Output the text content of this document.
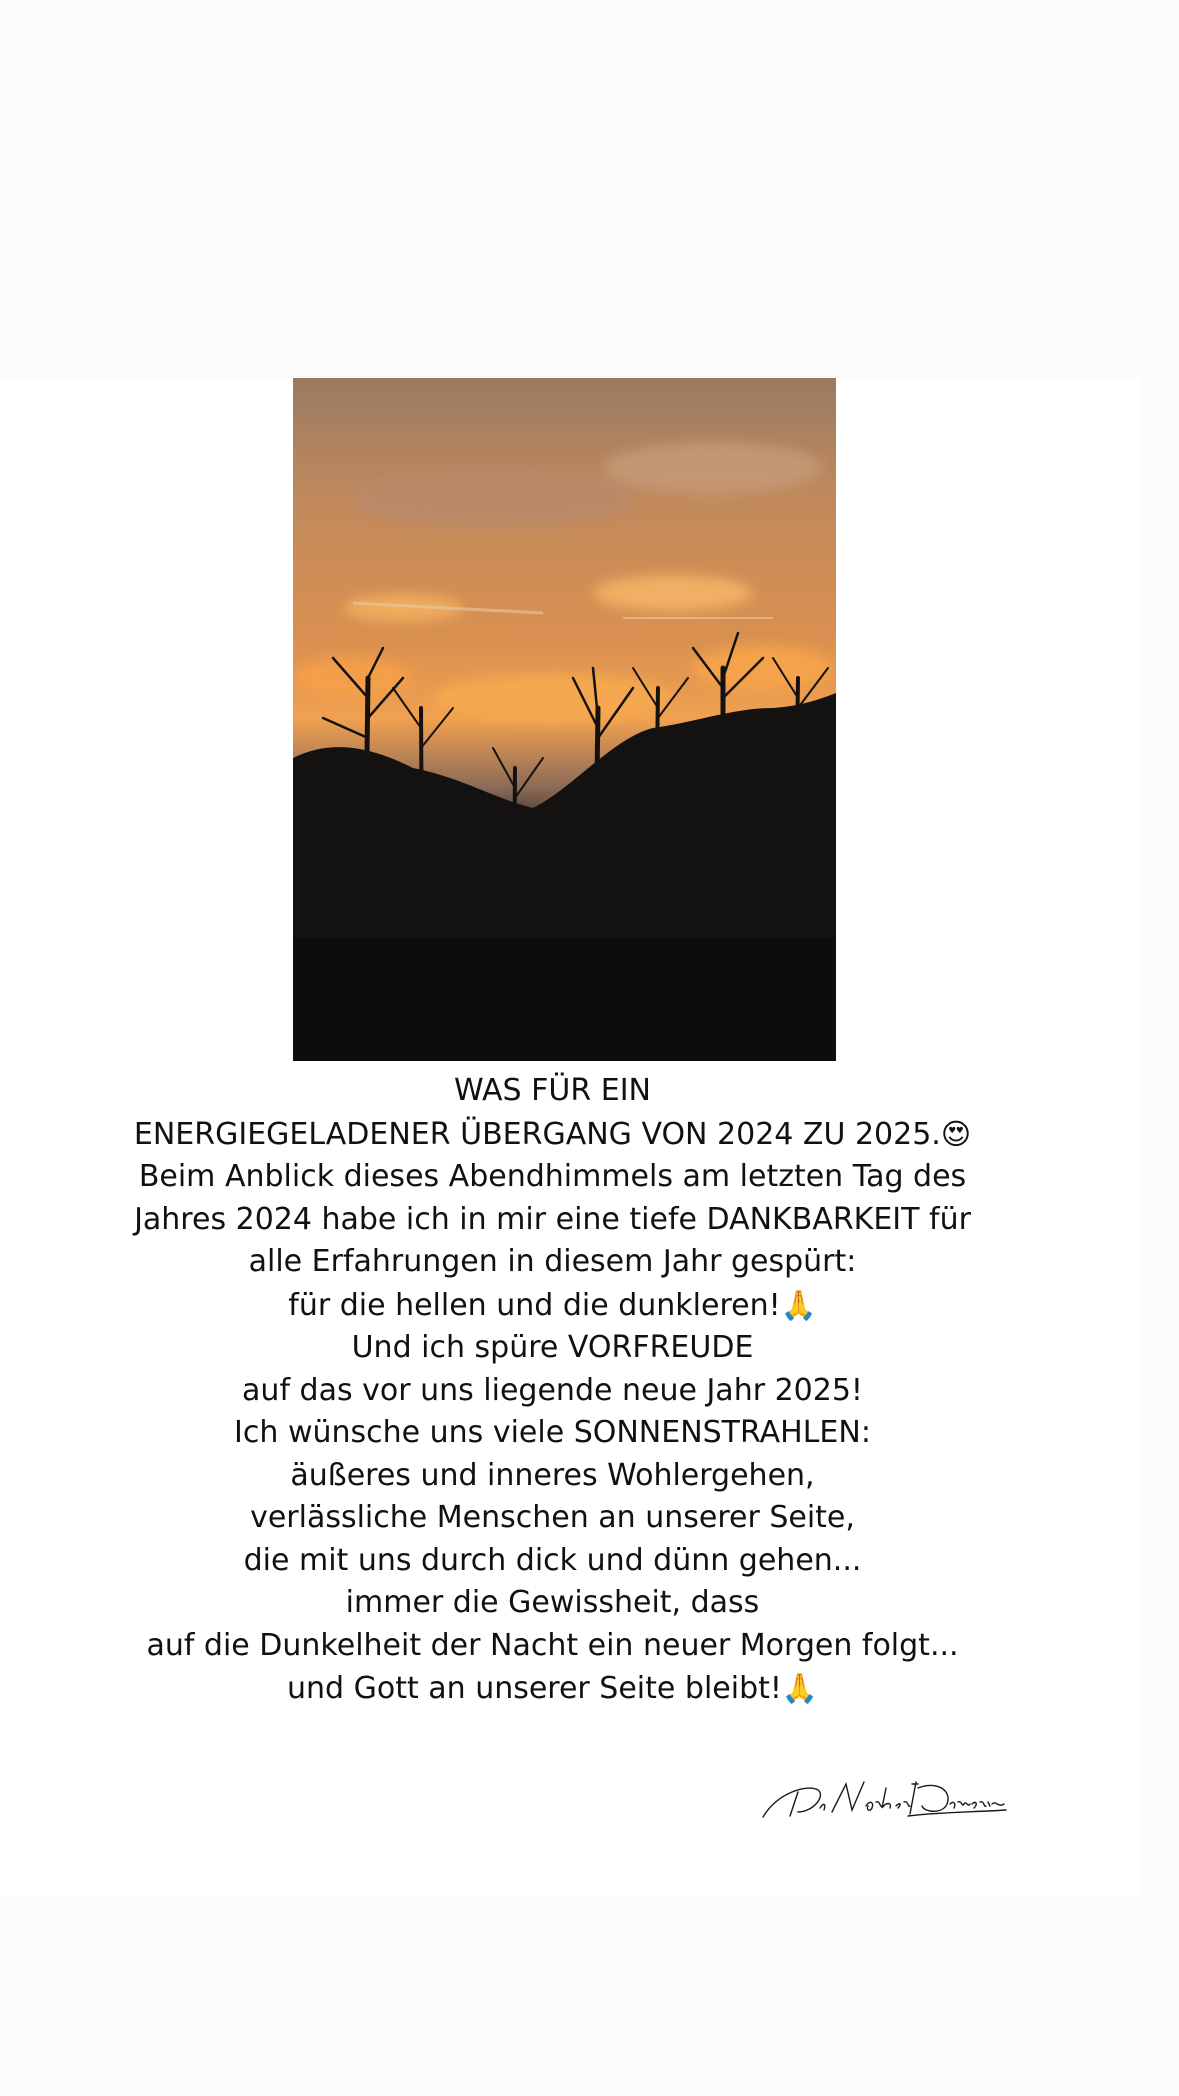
WAS FÜR EIN
ENERGIEGELADENER ÜBERGANG VON 2024 ZU 2025.😍
Beim Anblick dieses Abendhimmels am letzten Tag des
Jahres 2024 habe ich in mir eine tiefe DANKBARKEIT für
alle Erfahrungen in diesem Jahr gespürt:
für die hellen und die dunkleren!🙏
Und ich spüre VORFREUDE
auf das vor uns liegende neue Jahr 2025!
Ich wünsche uns viele SONNENSTRAHLEN:
äußeres und inneres Wohlergehen,
verlässliche Menschen an unserer Seite,
die mit uns durch dick und dünn gehen...
immer die Gewissheit, dass
auf die Dunkelheit der Nacht ein neuer Morgen folgt...
und Gott an unserer Seite bleibt!🙏
